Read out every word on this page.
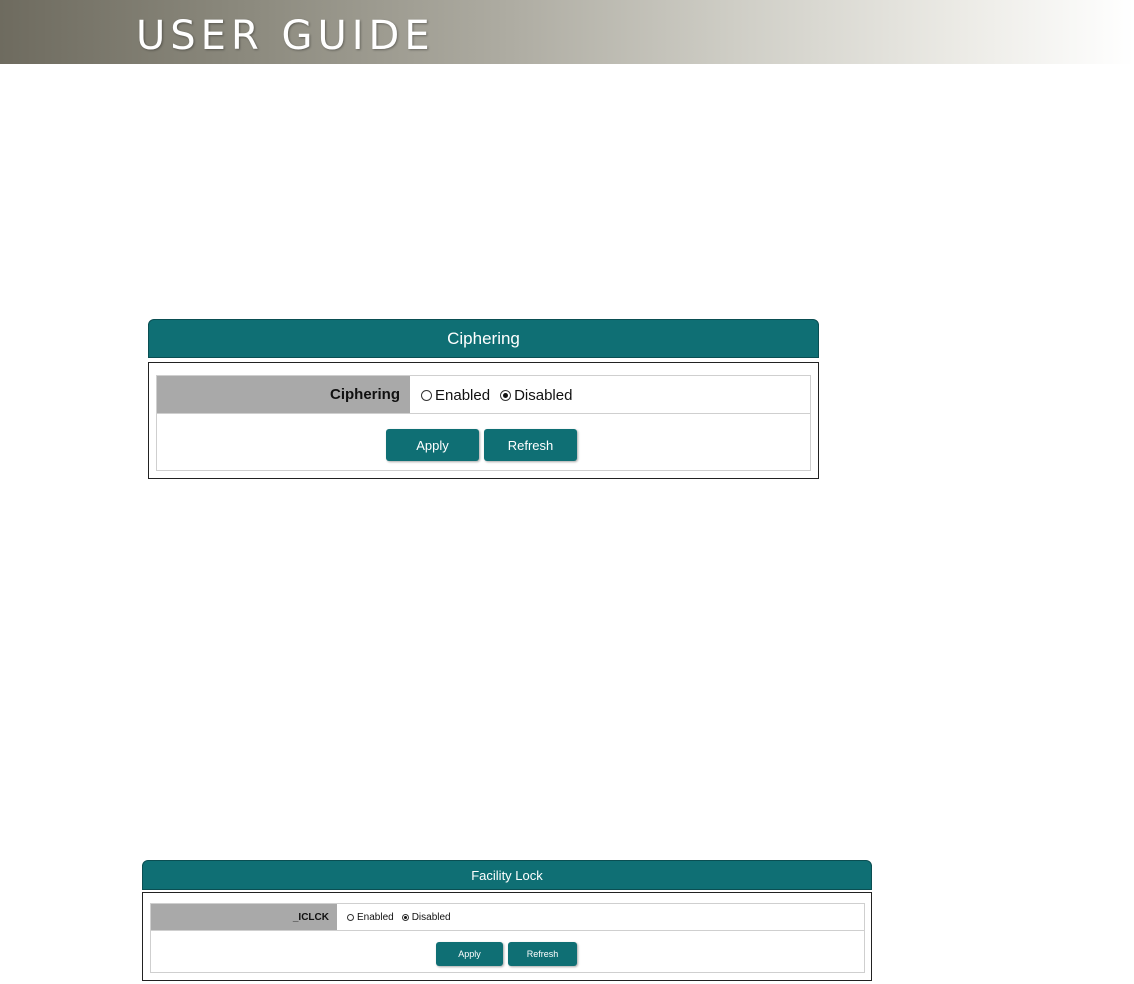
USER GUIDE
Ciphering
Ciphering	Enabled Disabled
Apply	Refresh
Facility Lock
_ICLCK	Enabled Disabled
Apply	Refresh
